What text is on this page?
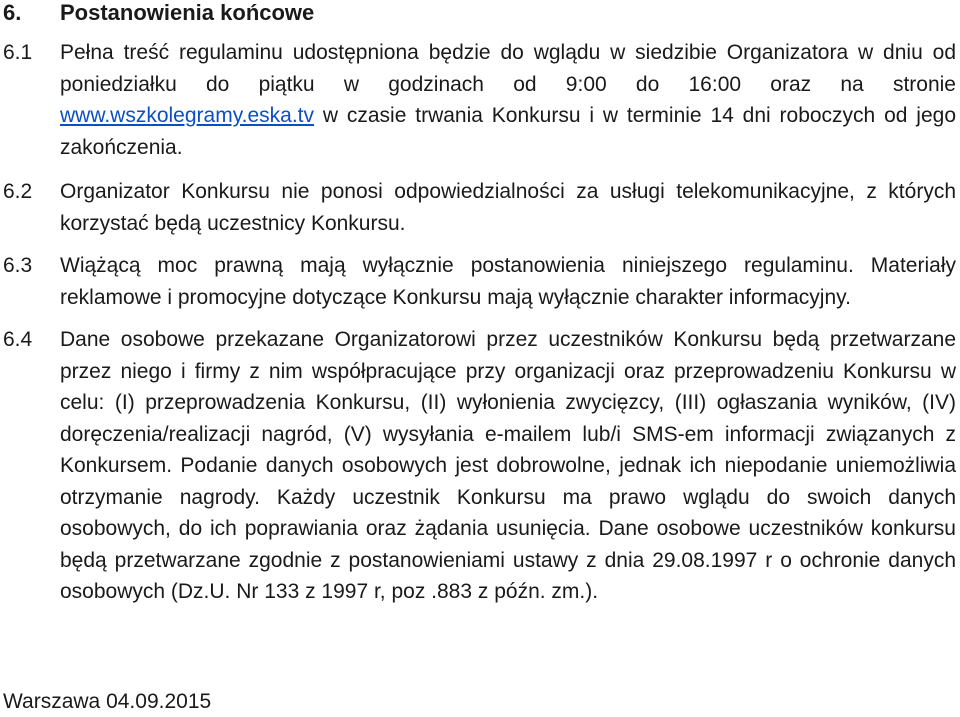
6. Postanowienia końcowe
6.1 Pełna treść regulaminu udostępniona będzie do wglądu w siedzibie Organizatora w dniu od poniedziałku do piątku w godzinach od 9:00 do 16:00 oraz na stronie www.wszkolegramy.eska.tv w czasie trwania Konkursu i w terminie 14 dni roboczych od jego zakończenia.
6.2 Organizator Konkursu nie ponosi odpowiedzialności za usługi telekomunikacyjne, z których korzystać będą uczestnicy Konkursu.
6.3 Wiążącą moc prawną mają wyłącznie postanowienia niniejszego regulaminu. Materiały reklamowe i promocyjne dotyczące Konkursu mają wyłącznie charakter informacyjny.
6.4 Dane osobowe przekazane Organizatorowi przez uczestników Konkursu będą przetwarzane przez niego i firmy z nim współpracujące przy organizacji oraz przeprowadzeniu Konkursu w celu: (I) przeprowadzenia Konkursu, (II) wyłonienia zwycięzcy, (III) ogłaszania wyników, (IV) doręczenia/realizacji nagród, (V) wysyłania e-mailem lub/i SMS-em informacji związanych z Konkursem. Podanie danych osobowych jest dobrowolne, jednak ich niepodanie uniemożliwia otrzymanie nagrody. Każdy uczestnik Konkursu ma prawo wglądu do swoich danych osobowych, do ich poprawiania oraz żądania usunięcia. Dane osobowe uczestników konkursu będą przetwarzane zgodnie z postanowieniami ustawy z dnia 29.08.1997 r o ochronie danych osobowych (Dz.U. Nr 133 z 1997 r, poz .883 z późn. zm.).
Warszawa 04.09.2015
